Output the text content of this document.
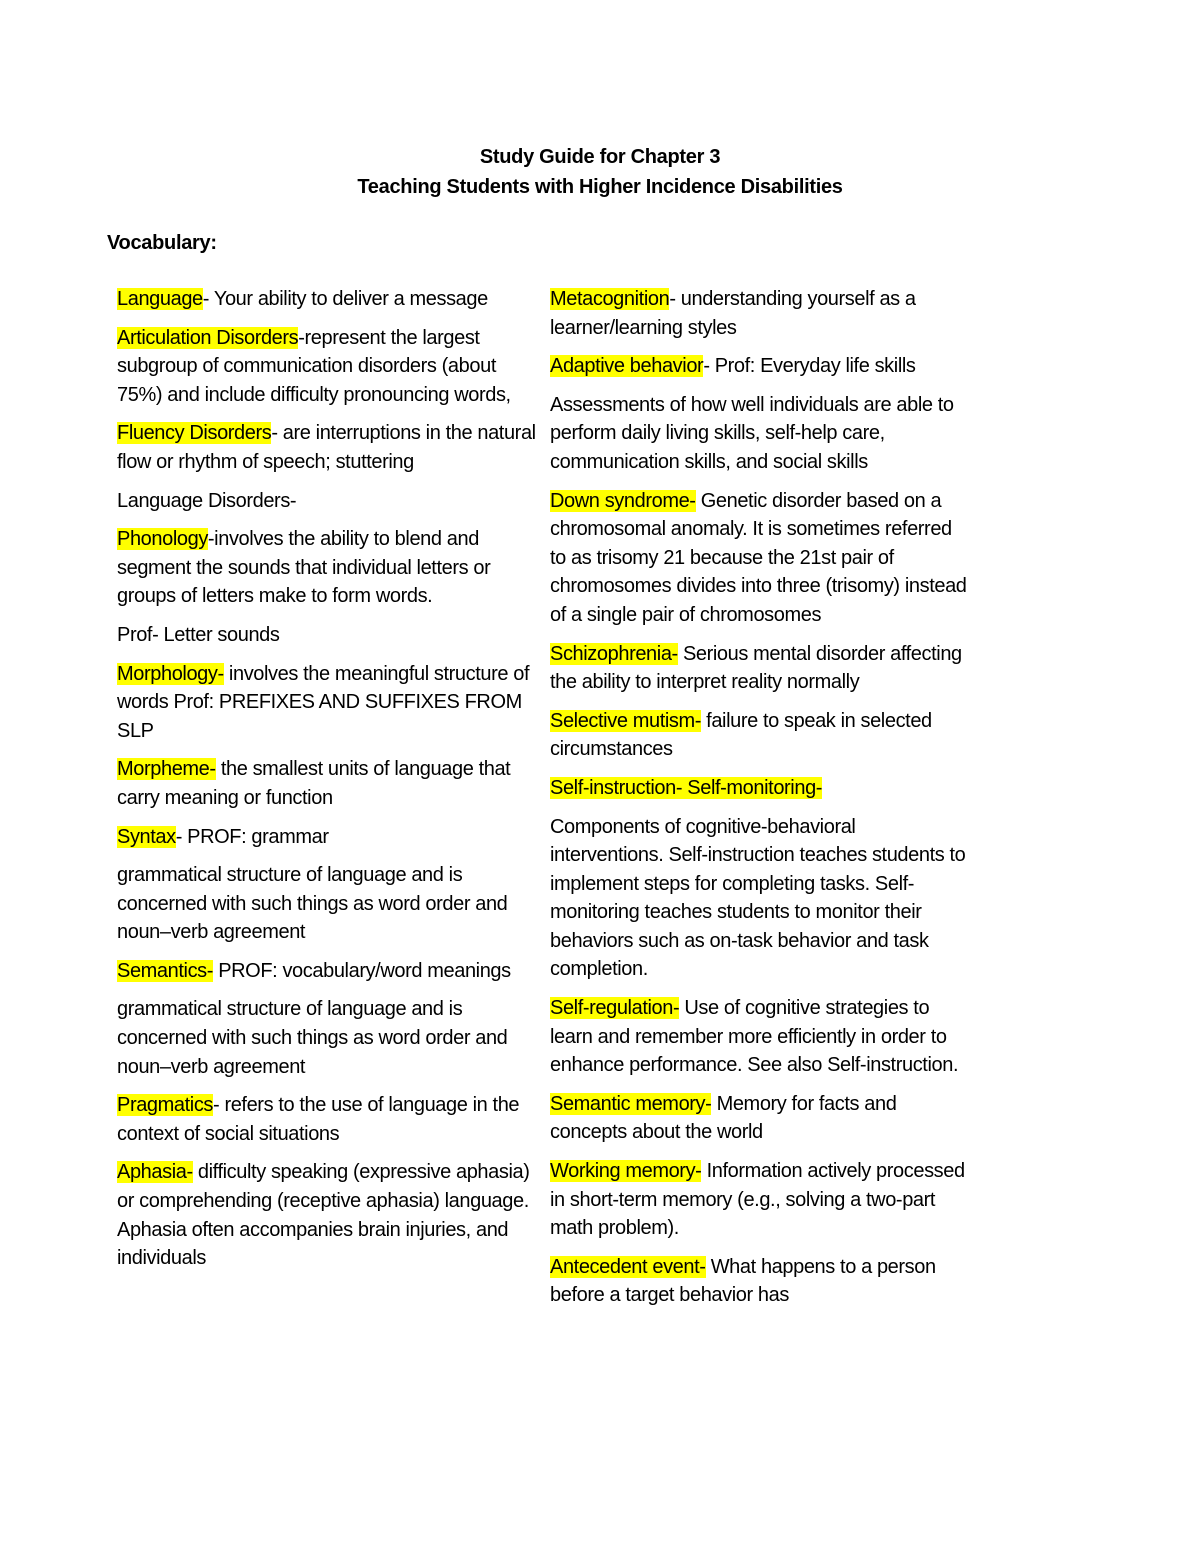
Study Guide for Chapter 3
Teaching Students with Higher Incidence Disabilities
Vocabulary:

Language- Your ability to deliver a message

Articulation Disorders-represent the largest subgroup of communication disorders (about 75%) and include difficulty pronouncing words,

Fluency Disorders- are interruptions in the natural flow or rhythm of speech; stuttering

Language Disorders-

Phonology-involves the ability to blend and segment the sounds that individual letters or groups of letters make to form words.

Prof- Letter sounds

Morphology- involves the meaningful structure of words Prof: PREFIXES AND SUFFIXES FROM SLP

Morpheme- the smallest units of language that carry meaning or function

Syntax- PROF: grammar

grammatical structure of language and is concerned with such things as word order and noun–verb agreement

Semantics- PROF: vocabulary/word meanings

grammatical structure of language and is concerned with such things as word order and noun–verb agreement

Pragmatics- refers to the use of language in the context of social situations

Aphasia- difficulty speaking (expressive aphasia) or comprehending (receptive aphasia) language. Aphasia often accompanies brain injuries, and individuals

Metacognition- understanding yourself as a learner/learning styles

Adaptive behavior- Prof: Everyday life skills

Assessments of how well individuals are able to perform daily living skills, self-help care, communication skills, and social skills

Down syndrome- Genetic disorder based on a chromosomal anomaly. It is sometimes referred to as trisomy 21 because the 21st pair of chromosomes divides into three (trisomy) instead of a single pair of chromosomes

Schizophrenia- Serious mental disorder affecting the ability to interpret reality normally

Selective mutism- failure to speak in selected circumstances

Self-instruction- Self-monitoring-

Components of cognitive-behavioral interventions. Self-instruction teaches students to implement steps for completing tasks. Self-monitoring teaches students to monitor their behaviors such as on-task behavior and task completion.

Self-regulation- Use of cognitive strategies to learn and remember more efficiently in order to enhance performance. See also Self-instruction.

Semantic memory- Memory for facts and concepts about the world

Working memory- Information actively processed in short-term memory (e.g., solving a two-part math problem).

Antecedent event- What happens to a person before a target behavior has
